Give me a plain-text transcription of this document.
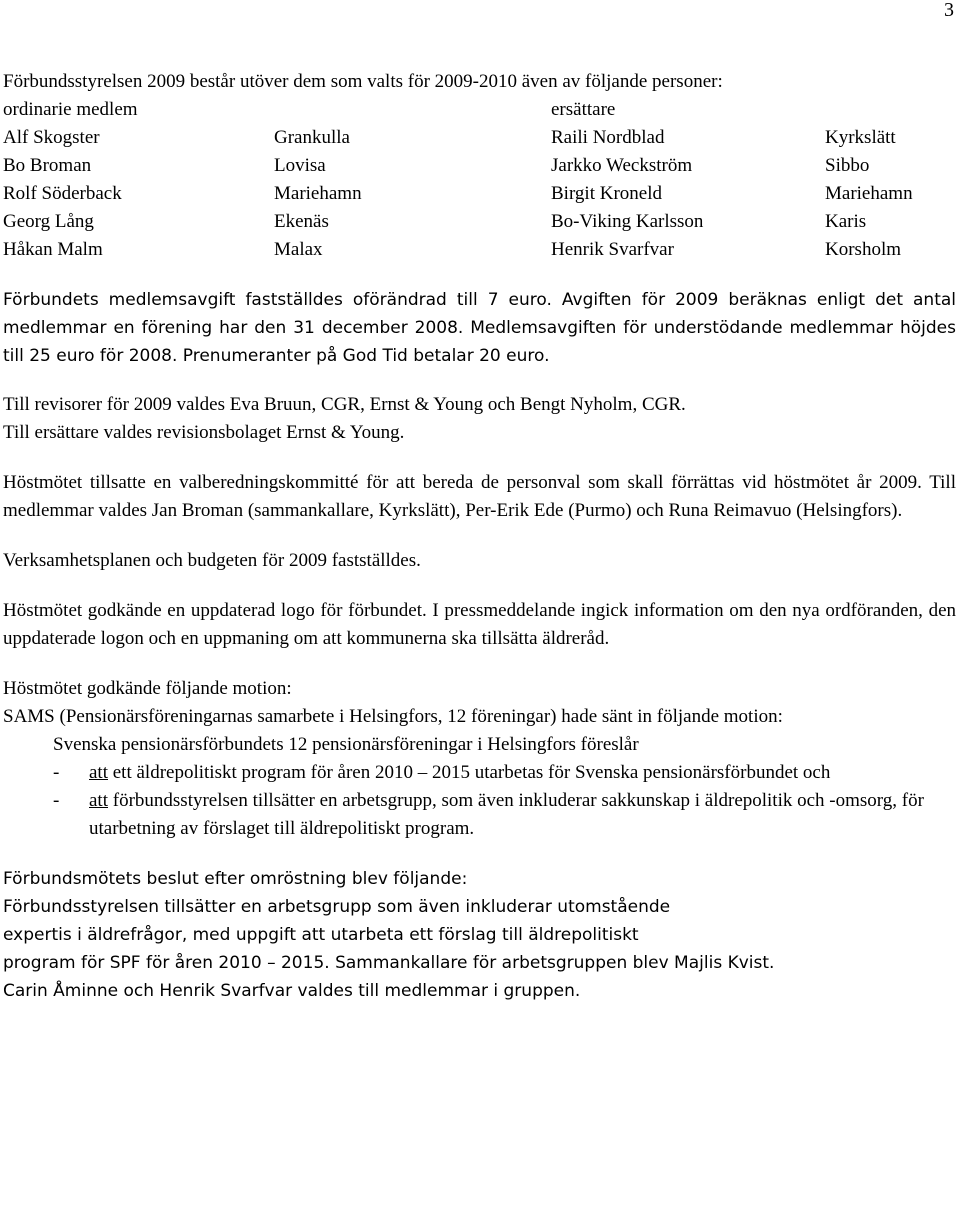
3

Förbundsstyrelsen 2009 består utöver dem som valts för 2009-2010 även av följande personer:

ordinarie medlem	ersättare
Alf Skogster	Grankulla	Raili Nordblad	Kyrkslätt
Bo Broman	Lovisa	Jarkko Weckström	Sibbo
Rolf Söderback	Mariehamn	Birgit Kroneld	Mariehamn
Georg Lång	Ekenäs	Bo-Viking Karlsson	Karis
Håkan Malm	Malax	Henrik Svarfvar	Korsholm

Förbundets medlemsavgift fastställdes oförändrad till 7 euro. Avgiften för 2009 beräknas enligt det antal medlemmar en förening har den 31 december 2008. Medlemsavgiften för understödande medlemmar höjdes till 25 euro för 2008. Prenumeranter på God Tid betalar 20 euro.

Till revisorer för 2009 valdes Eva Bruun, CGR, Ernst & Young och Bengt Nyholm, CGR.

Till ersättare valdes revisionsbolaget Ernst & Young.

Höstmötet tillsatte en valberedningskommitté för att bereda de personval som skall förrättas vid höstmötet år 2009. Till medlemmar valdes Jan Broman (sammankallare, Kyrkslätt), Per-Erik Ede (Purmo) och Runa Reimavuo (Helsingfors).

Verksamhetsplanen och budgeten för 2009 fastställdes.

Höstmötet godkände en uppdaterad logo för förbundet. I pressmeddelande ingick information om den nya ordföranden, den uppdaterade logon och en uppmaning om att kommunerna ska tillsätta äldreråd.

Höstmötet godkände följande motion:

SAMS (Pensionärsföreningarnas samarbete i Helsingfors, 12 föreningar) hade sänt in följande motion:

Svenska pensionärsförbundets 12 pensionärsföreningar i Helsingfors föreslår

- att ett äldrepolitiskt program för åren 2010 – 2015 utarbetas för Svenska pensionärsförbundet och
- att förbundsstyrelsen tillsätter en arbetsgrupp, som även inkluderar sakkunskap i äldrepolitik och -omsorg, för utarbetning av förslaget till äldrepolitiskt program.

Förbundsmötets beslut efter omröstning blev följande:

Förbundsstyrelsen tillsätter en arbetsgrupp som även inkluderar utomstående

expertis i äldrefrågor, med uppgift att utarbeta ett förslag till äldrepolitiskt

program för SPF för åren 2010 – 2015. Sammankallare för arbetsgruppen blev Majlis Kvist.

Carin Åminne och Henrik Svarfvar valdes till medlemmar i gruppen.
